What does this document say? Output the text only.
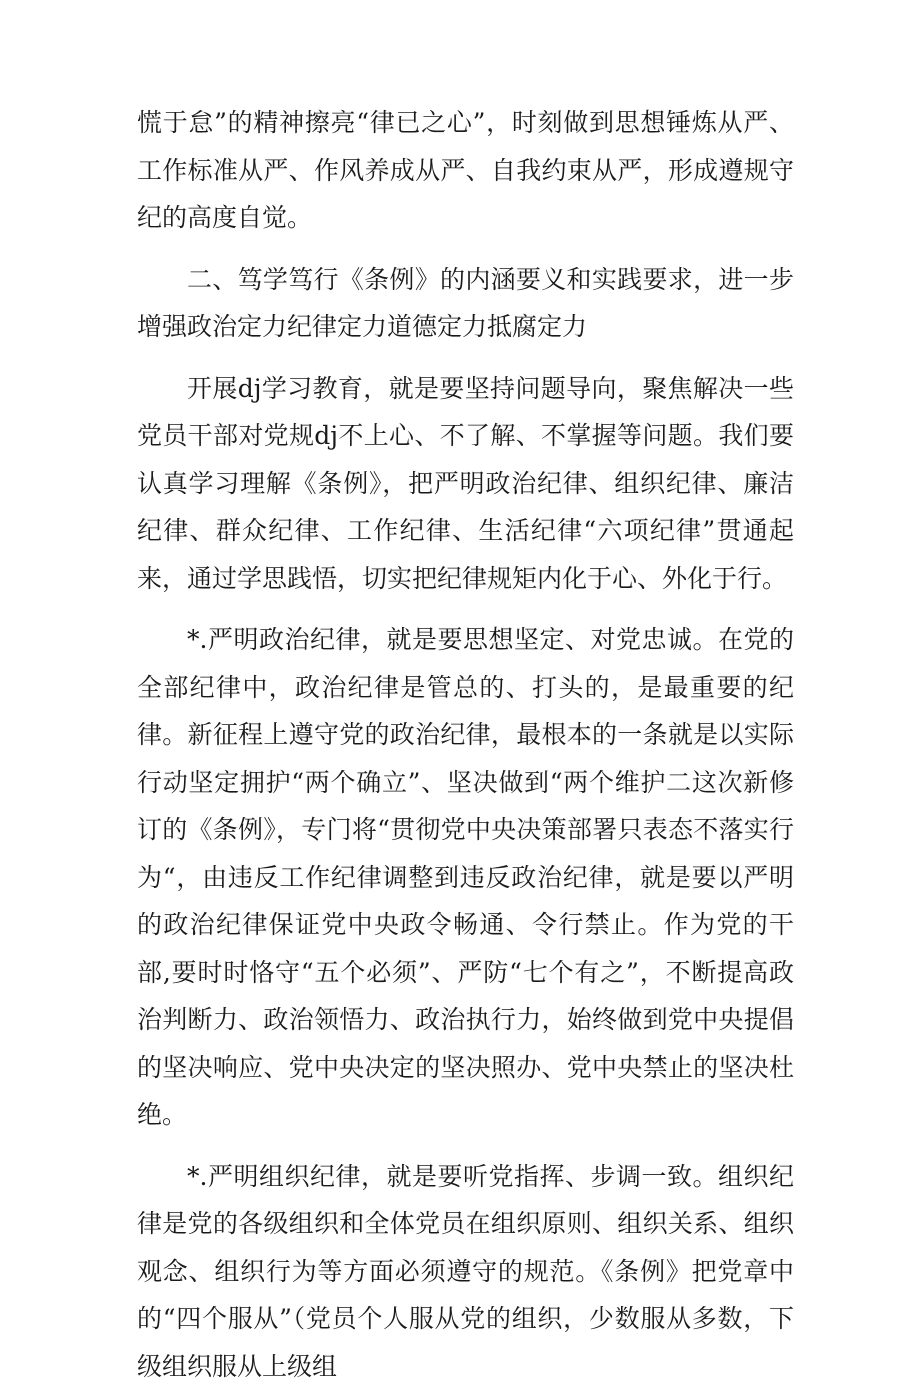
慌于怠”的精神擦亮“律已之心”，时刻做到思想锤炼从严、工作标准从严、作风养成从严、自我约束从严，形成遵规守纪的高度自觉。

二、笃学笃行《条例》的内涵要义和实践要求，进一步增强政治定力纪律定力道德定力抵腐定力

开展dj学习教育，就是要坚持问题导向，聚焦解决一些党员干部对党规dj不上心、不了解、不掌握等问题。我们要认真学习理解《条例》，把严明政治纪律、组织纪律、廉洁纪律、群众纪律、工作纪律、生活纪律“六项纪律”贯通起来，通过学思践悟，切实把纪律规矩内化于心、外化于行。

*.严明政治纪律，就是要思想坚定、对党忠诚。在党的全部纪律中，政治纪律是管总的、打头的，是最重要的纪律。新征程上遵守党的政治纪律，最根本的一条就是以实际行动坚定拥护“两个确立”、坚决做到“两个维护二这次新修订的《条例》，专门将“贯彻党中央决策部署只表态不落实行为“，由违反工作纪律调整到违反政治纪律，就是要以严明的政治纪律保证党中央政令畅通、令行禁止。作为党的干部,要时时恪守“五个必须”、严防“七个有之”，不断提高政治判断力、政治领悟力、政治执行力，始终做到党中央提倡的坚决响应、党中央决定的坚决照办、党中央禁止的坚决杜绝。

*.严明组织纪律，就是要听党指挥、步调一致。组织纪律是党的各级组织和全体党员在组织原则、组织关系、组织观念、组织行为等方面必须遵守的规范。《条例》把党章中的“四个服从”（党员个人服从党的组织，少数服从多数，下级组织服从上级组
